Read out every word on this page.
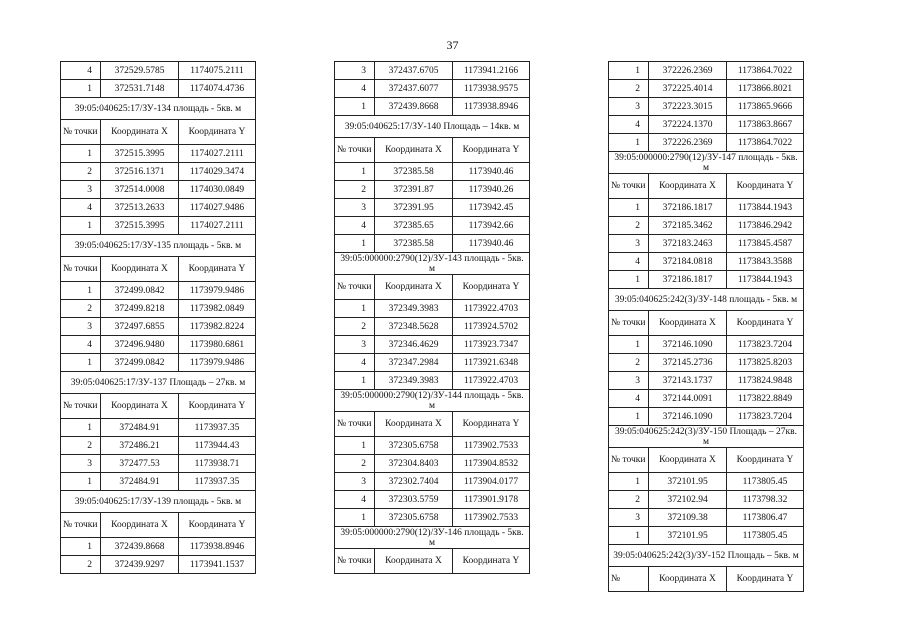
37
4	372529.5785	1174075.2111
1	372531.7148	1174074.4736
39:05:040625:17/ЗУ-134 площадь - 5кв. м		
№ точки	Координата X	Координата Y
1	372515.3995	1174027.2111
2	372516.1371	1174029.3474
3	372514.0008	1174030.0849
4	372513.2633	1174027.9486
1	372515.3995	1174027.2111
39:05:040625:17/ЗУ-135 площадь - 5кв. м		
№ точки	Координата X	Координата Y
1	372499.0842	1173979.9486
2	372499.8218	1173982.0849
3	372497.6855	1173982.8224
4	372496.9480	1173980.6861
1	372499.0842	1173979.9486
39:05:040625:17/ЗУ-137 Площадь – 27кв. м		
№ точки	Координата X	Координата Y
1	372484.91	1173937.35
2	372486.21	1173944.43
3	372477.53	1173938.71
1	372484.91	1173937.35
39:05:040625:17/ЗУ-139 площадь - 5кв. м		
№ точки	Координата X	Координата Y
1	372439.8668	1173938.8946
2	372439.9297	1173941.1537
3	372437.6705	1173941.2166
4	372437.6077	1173938.9575
1	372439.8668	1173938.8946
39:05:040625:17/ЗУ-140 Площадь – 14кв. м		
№ точки	Координата X	Координата Y
1	372385.58	1173940.46
2	372391.87	1173940.26
3	372391.95	1173942.45
4	372385.65	1173942.66
1	372385.58	1173940.46
39:05:000000:2790(12)/ЗУ-143 площадь - 5кв. м		
№ точки	Координата X	Координата Y
1	372349.3983	1173922.4703
2	372348.5628	1173924.5702
3	372346.4629	1173923.7347
4	372347.2984	1173921.6348
1	372349.3983	1173922.4703
39:05:000000:2790(12)/ЗУ-144 площадь - 5кв. м		
№ точки	Координата X	Координата Y
1	372305.6758	1173902.7533
2	372304.8403	1173904.8532
3	372302.7404	1173904.0177
4	372303.5759	1173901.9178
1	372305.6758	1173902.7533
39:05:000000:2790(12)/ЗУ-146 площадь - 5кв. м		
№ точки	Координата X	Координата Y
1	372226.2369	1173864.7022
2	372225.4014	1173866.8021
3	372223.3015	1173865.9666
4	372224.1370	1173863.8667
1	372226.2369	1173864.7022
39:05:000000:2790(12)/ЗУ-147 площадь - 5кв. м		
№ точки	Координата X	Координата Y
1	372186.1817	1173844.1943
2	372185.3462	1173846.2942
3	372183.2463	1173845.4587
4	372184.0818	1173843.3588
1	372186.1817	1173844.1943
39:05:040625:242(3)/ЗУ-148 площадь - 5кв. м		
№ точки	Координата X	Координата Y
1	372146.1090	1173823.7204
2	372145.2736	1173825.8203
3	372143.1737	1173824.9848
4	372144.0091	1173822.8849
1	372146.1090	1173823.7204
39:05:040625:242(3)/ЗУ-150 Площадь – 27кв. м		
№ точки	Координата X	Координата Y
1	372101.95	1173805.45
2	372102.94	1173798.32
3	372109.38	1173806.47
1	372101.95	1173805.45
39:05:040625:242(3)/ЗУ-152 Площадь – 5кв. м		
№	Координата X	Координата Y
